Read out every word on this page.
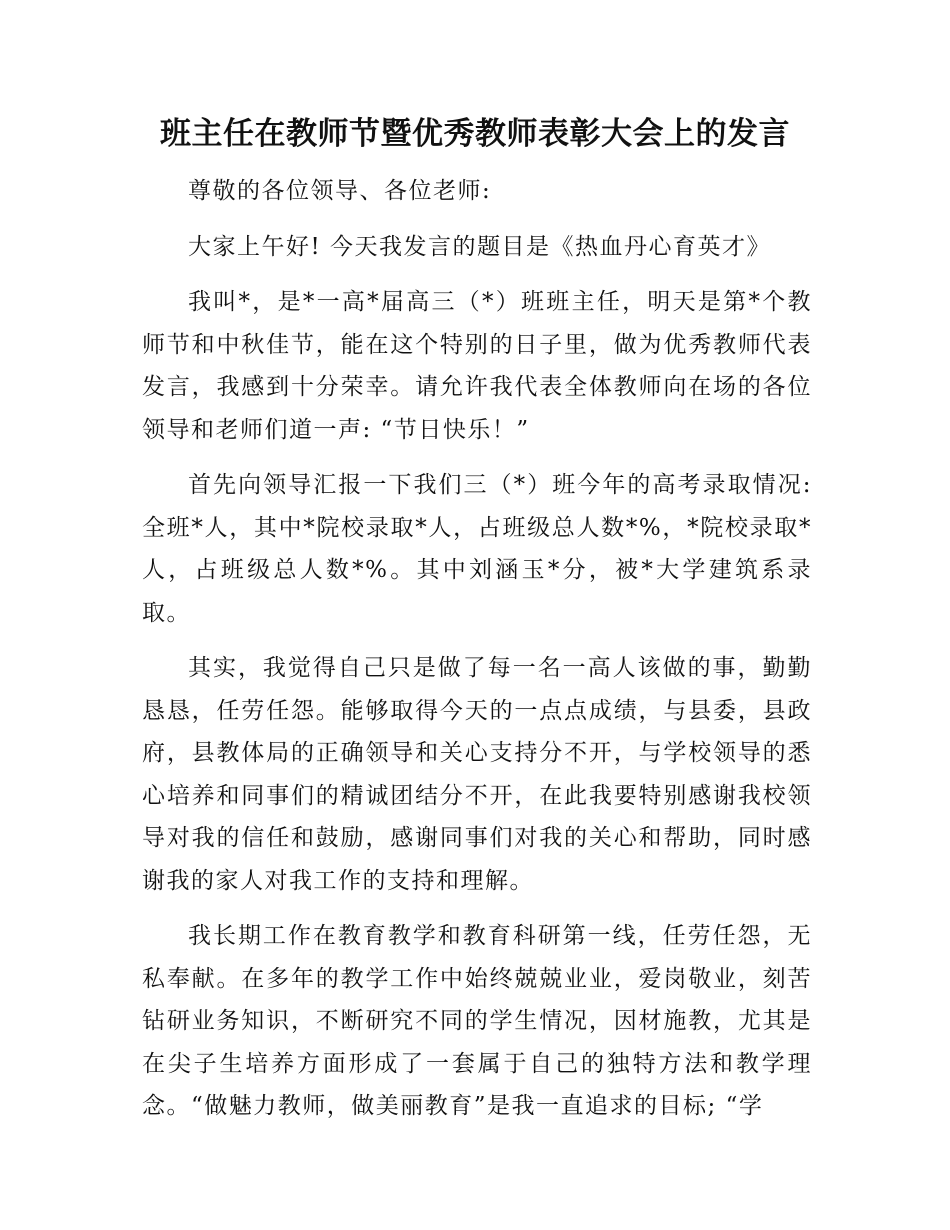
班主任在教师节暨优秀教师表彰大会上的发言

尊敬的各位领导、各位老师:

大家上午好! 今天我发言的题目是《热血丹心育英才》

我叫*，是*一高*届高三（*）班班主任，明天是第*个教师节和中秋佳节，能在这个特别的日子里，做为优秀教师代表发言，我感到十分荣幸。请允许我代表全体教师向在场的各位领导和老师们道一声: “节日快乐！”

首先向领导汇报一下我们三（*）班今年的高考录取情况: 全班*人，其中*院校录取*人，占班级总人数*%，*院校录取*人，占班级总人数*%。其中刘涵玉*分，被*大学建筑系录取。

其实，我觉得自己只是做了每一名一高人该做的事，勤勤恳恳，任劳任怨。能够取得今天的一点点成绩，与县委，县政府，县教体局的正确领导和关心支持分不开，与学校领导的悉心培养和同事们的精诚团结分不开，在此我要特别感谢我校领导对我的信任和鼓励，感谢同事们对我的关心和帮助，同时感谢我的家人对我工作的支持和理解。

我长期工作在教育教学和教育科研第一线，任劳任怨，无私奉献。在多年的教学工作中始终兢兢业业，爱岗敬业，刻苦钻研业务知识，不断研究不同的学生情况，因材施教，尤其是在尖子生培养方面形成了一套属于自己的独特方法和教学理念。“做魅力教师，做美丽教育”是我一直追求的目标; “学
